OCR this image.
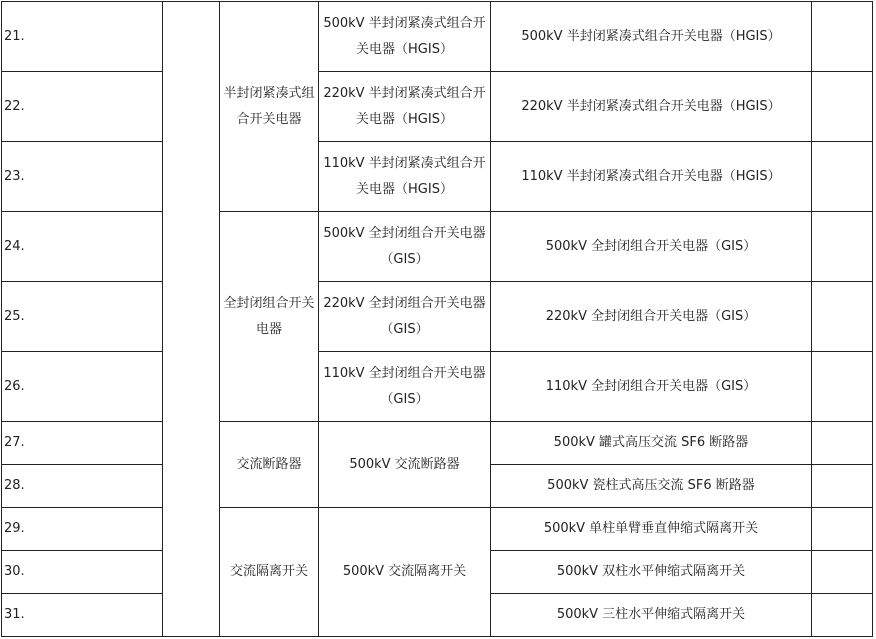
21.		半封闭紧凑式组合开关电器	500kV 半封闭紧凑式组合开关电器（HGIS）	500kV 半封闭紧凑式组合开关电器（HGIS）	
22.			220kV 半封闭紧凑式组合开关电器（HGIS）	220kV 半封闭紧凑式组合开关电器（HGIS）	
23.			110kV 半封闭紧凑式组合开关电器（HGIS）	110kV 半封闭紧凑式组合开关电器（HGIS）	
24.		全封闭组合开关电器	500kV 全封闭组合开关电器（GIS）	500kV 全封闭组合开关电器（GIS）	
25.			220kV 全封闭组合开关电器（GIS）	220kV 全封闭组合开关电器（GIS）	
26.			110kV 全封闭组合开关电器（GIS）	110kV 全封闭组合开关电器（GIS）	
27.		交流断路器	500kV 交流断路器	500kV 罐式高压交流 SF6 断路器	
28.				500kV 瓷柱式高压交流 SF6 断路器	
29.		交流隔离开关	500kV 交流隔离开关	500kV 单柱单臂垂直伸缩式隔离开关	
30.				500kV 双柱水平伸缩式隔离开关	
31.				500kV 三柱水平伸缩式隔离开关	
